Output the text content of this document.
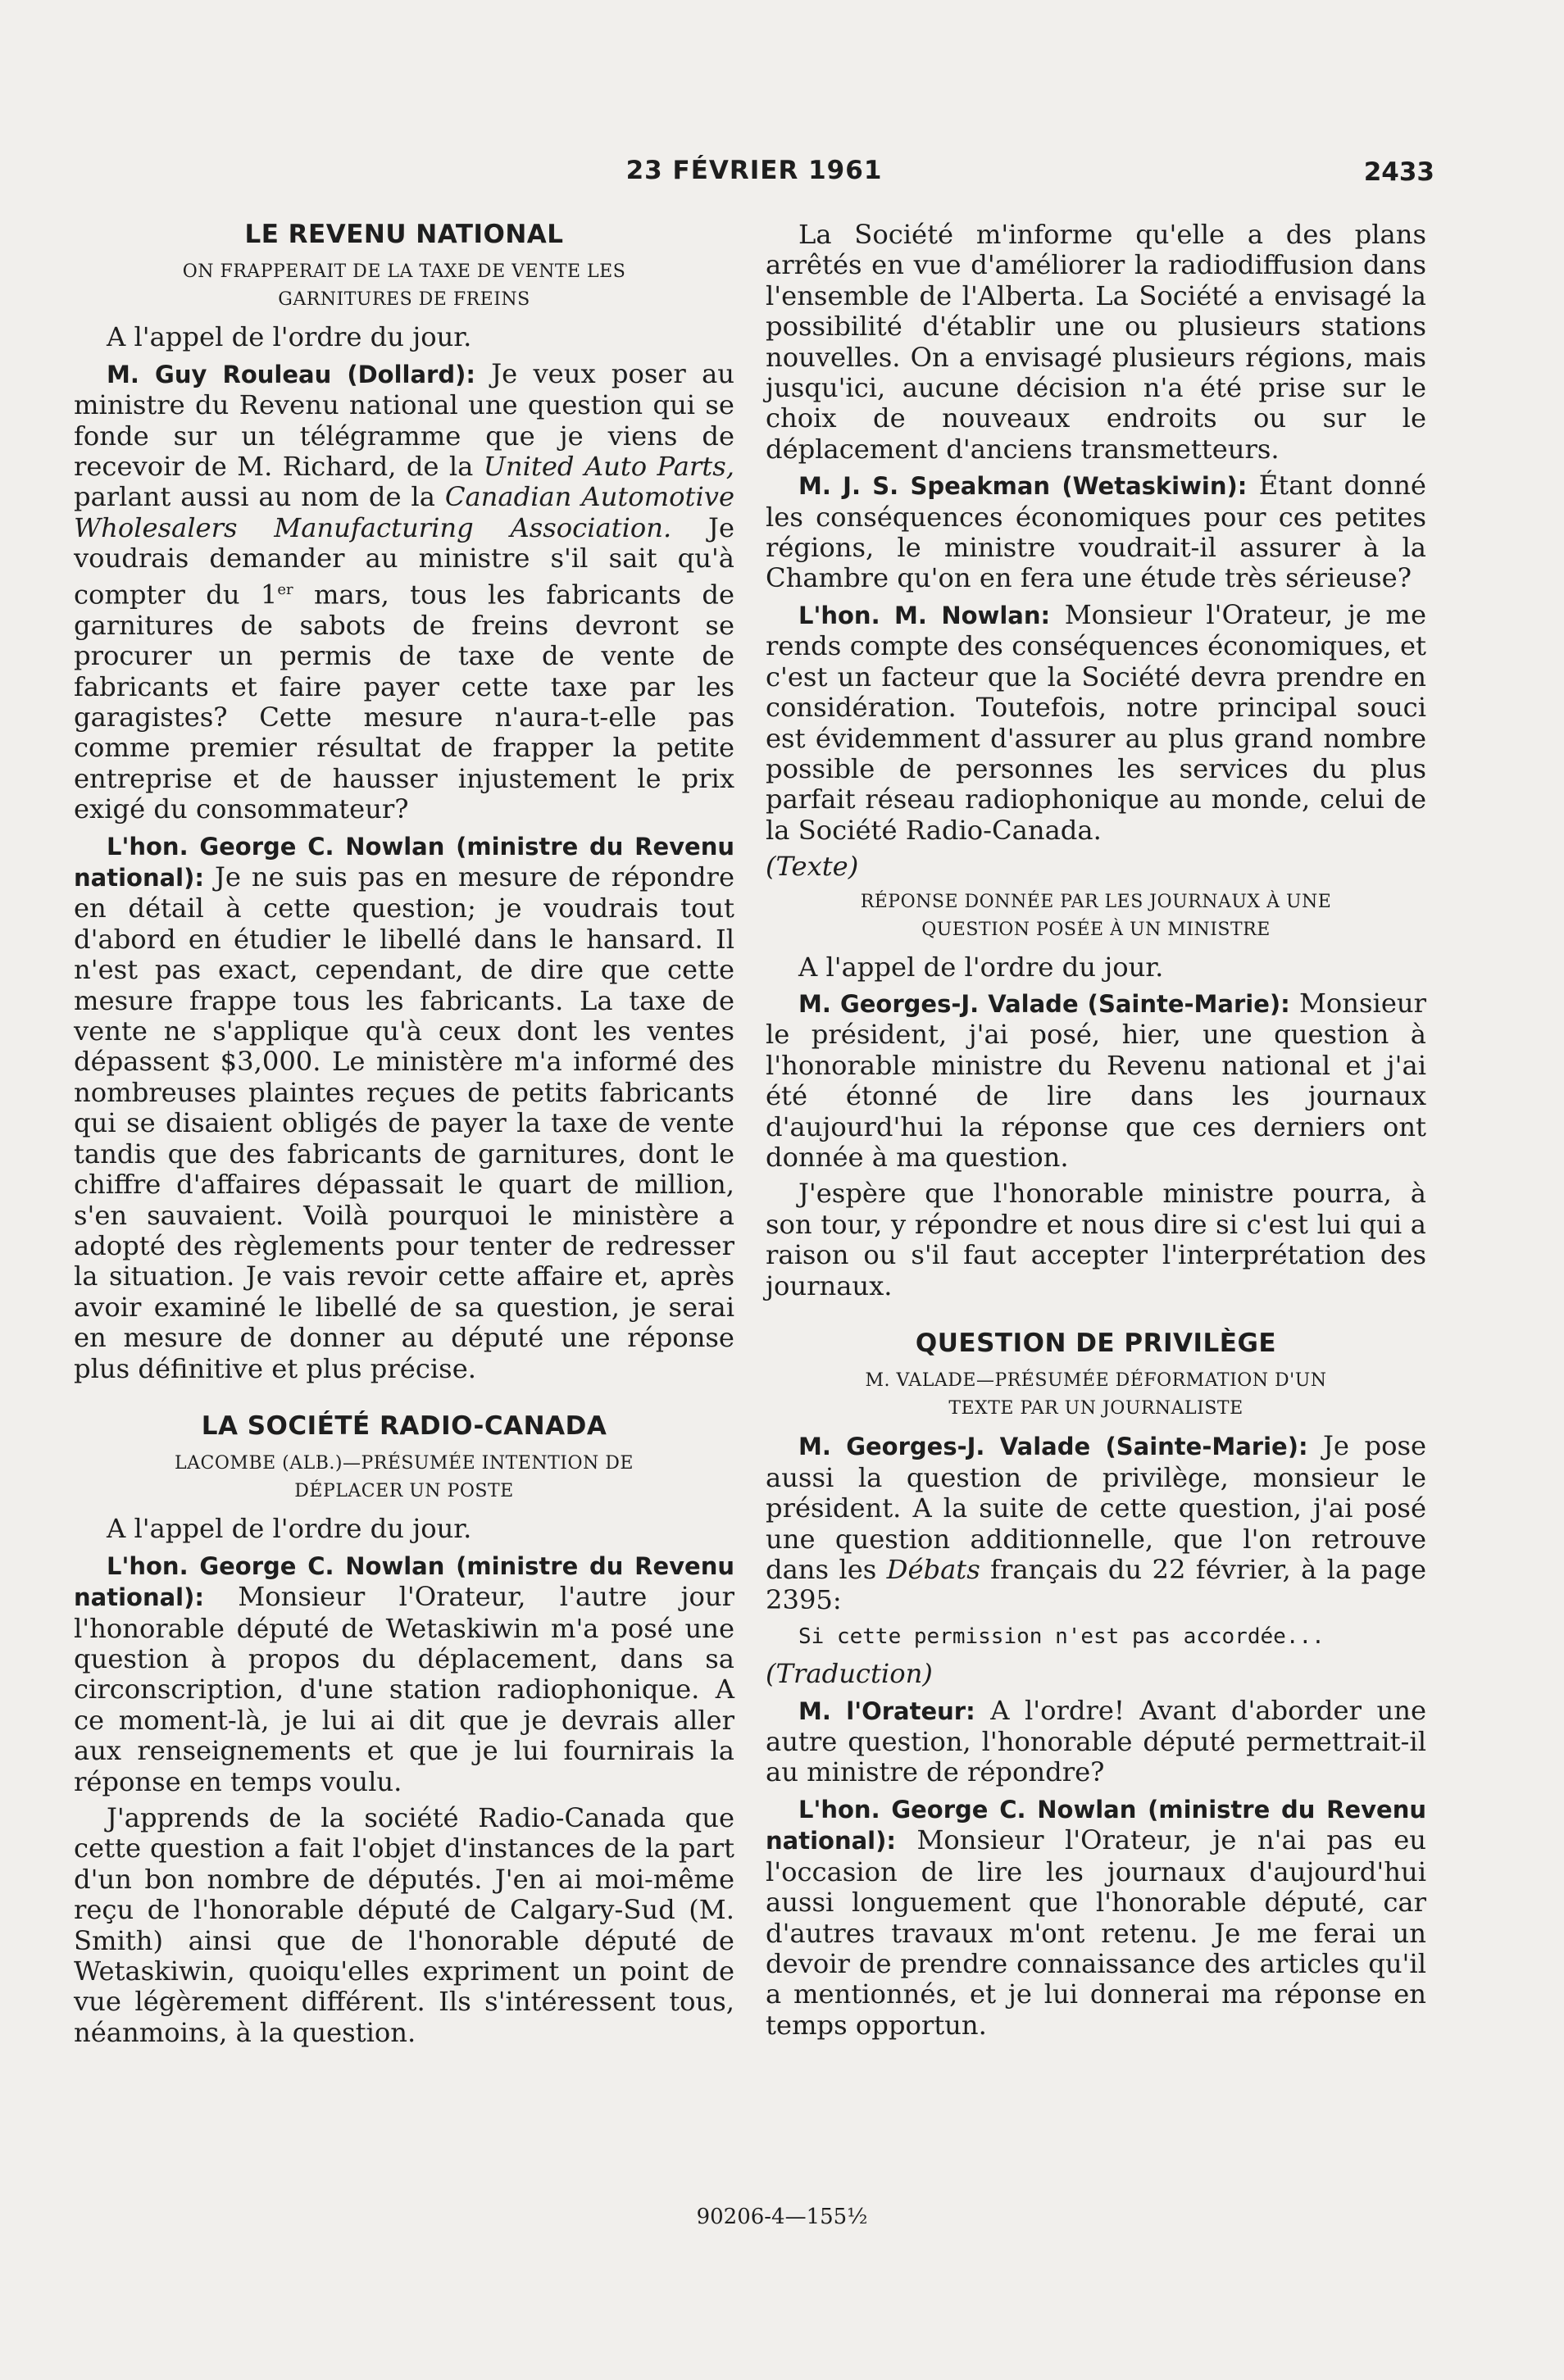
23 FÉVRIER 1961	2433
LE REVENU NATIONAL
ON FRAPPERAIT DE LA TAXE DE VENTE LES
GARNITURES DE FREINS

A l'appel de l'ordre du jour.

M. Guy Rouleau (Dollard): Je veux poser au ministre du Revenu national une question qui se fonde sur un télégramme que je viens de recevoir de M. Richard, de la United Auto Parts, parlant aussi au nom de la Canadian Automotive Wholesalers Manufacturing Association. Je voudrais demander au ministre s'il sait qu'à compter du 1er mars, tous les fabricants de garnitures de sabots de freins devront se procurer un permis de taxe de vente de fabricants et faire payer cette taxe par les garagistes? Cette mesure n'aura-t-elle pas comme premier résultat de frapper la petite entreprise et de hausser injustement le prix exigé du consommateur?

L'hon. George C. Nowlan (ministre du Revenu national): Je ne suis pas en mesure de répondre en détail à cette question; je voudrais tout d'abord en étudier le libellé dans le hansard. Il n'est pas exact, cependant, de dire que cette mesure frappe tous les fabricants. La taxe de vente ne s'applique qu'à ceux dont les ventes dépassent $3,000. Le ministère m'a informé des nombreuses plaintes reçues de petits fabricants qui se disaient obligés de payer la taxe de vente tandis que des fabricants de garnitures, dont le chiffre d'affaires dépassait le quart de million, s'en sauvaient. Voilà pourquoi le ministère a adopté des règlements pour tenter de redresser la situation. Je vais revoir cette affaire et, après avoir examiné le libellé de sa question, je serai en mesure de donner au député une réponse plus définitive et plus précise.

LA SOCIÉTÉ RADIO-CANADA
LACOMBE (ALB.)—PRÉSUMÉE INTENTION DE
DÉPLACER UN POSTE

A l'appel de l'ordre du jour.

L'hon. George C. Nowlan (ministre du Revenu national): Monsieur l'Orateur, l'autre jour l'honorable député de Wetaskiwin m'a posé une question à propos du déplacement, dans sa circonscription, d'une station radiophonique. A ce moment-là, je lui ai dit que je devrais aller aux renseignements et que je lui fournirais la réponse en temps voulu.

J'apprends de la société Radio-Canada que cette question a fait l'objet d'instances de la part d'un bon nombre de députés. J'en ai moi-même reçu de l'honorable député de Calgary-Sud (M. Smith) ainsi que de l'honorable député de Wetaskiwin, quoiqu'elles expriment un point de vue légèrement différent. Ils s'intéressent tous, néanmoins, à la question.

La Société m'informe qu'elle a des plans arrêtés en vue d'améliorer la radiodiffusion dans l'ensemble de l'Alberta. La Société a envisagé la possibilité d'établir une ou plusieurs stations nouvelles. On a envisagé plusieurs régions, mais jusqu'ici, aucune décision n'a été prise sur le choix de nouveaux endroits ou sur le déplacement d'anciens transmetteurs.

M. J. S. Speakman (Wetaskiwin): Étant donné les conséquences économiques pour ces petites régions, le ministre voudrait-il assurer à la Chambre qu'on en fera une étude très sérieuse?

L'hon. M. Nowlan: Monsieur l'Orateur, je me rends compte des conséquences économiques, et c'est un facteur que la Société devra prendre en considération. Toutefois, notre principal souci est évidemment d'assurer au plus grand nombre possible de personnes les services du plus parfait réseau radiophonique au monde, celui de la Société Radio-Canada.

(Texte)
RÉPONSE DONNÉE PAR LES JOURNAUX À UNE
QUESTION POSÉE À UN MINISTRE

A l'appel de l'ordre du jour.

M. Georges-J. Valade (Sainte-Marie): Monsieur le président, j'ai posé, hier, une question à l'honorable ministre du Revenu national et j'ai été étonné de lire dans les journaux d'aujourd'hui la réponse que ces derniers ont donnée à ma question.

J'espère que l'honorable ministre pourra, à son tour, y répondre et nous dire si c'est lui qui a raison ou s'il faut accepter l'interprétation des journaux.

QUESTION DE PRIVILÈGE
M. VALADE—PRÉSUMÉE DÉFORMATION D'UN
TEXTE PAR UN JOURNALISTE

M. Georges-J. Valade (Sainte-Marie): Je pose aussi la question de privilège, monsieur le président. A la suite de cette question, j'ai posé une question additionnelle, que l'on retrouve dans les Débats français du 22 février, à la page 2395:

Si cette permission n'est pas accordée...
(Traduction)

M. l'Orateur: A l'ordre! Avant d'aborder une autre question, l'honorable député permettrait-il au ministre de répondre?

L'hon. George C. Nowlan (ministre du Revenu national): Monsieur l'Orateur, je n'ai pas eu l'occasion de lire les journaux d'aujourd'hui aussi longuement que l'honorable député, car d'autres travaux m'ont retenu. Je me ferai un devoir de prendre connaissance des articles qu'il a mentionnés, et je lui donnerai ma réponse en temps opportun.

90206-4—155½
